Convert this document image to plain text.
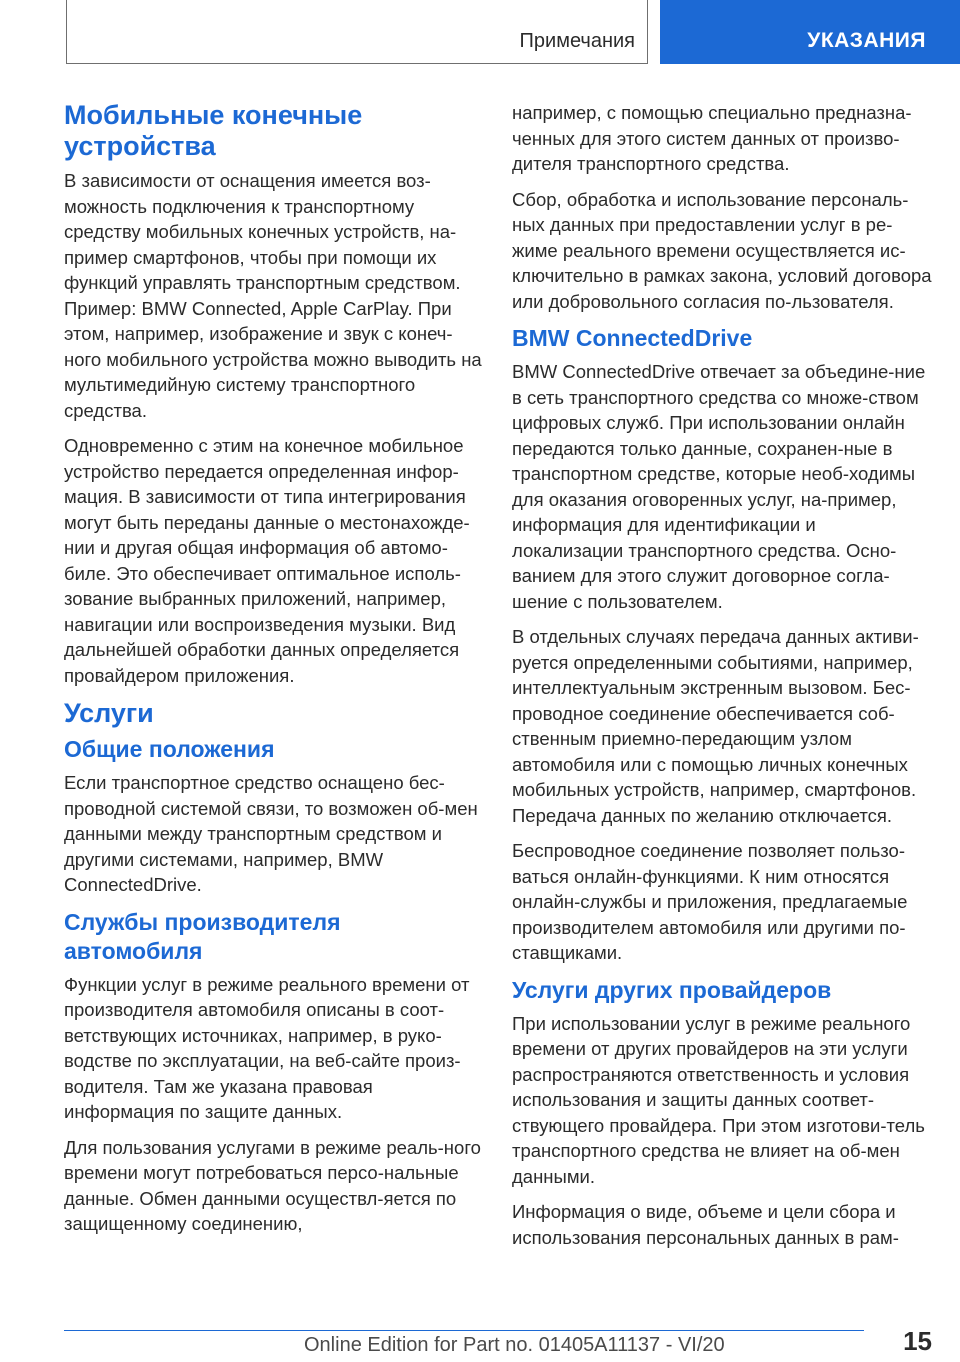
Примечания	УКАЗАНИЯ
Мобильные конечные устройства

В зависимости от оснащения имеется воз-можность подключения к транспортному средству мобильных конечных устройств, на-пример смартфонов, чтобы при помощи их функций управлять транспортным средством. Пример: BMW Connected, Apple CarPlay. При этом, например, изображение и звук с конеч-ного мобильного устройства можно выводить на мультимедийную систему транспортного средства.

Одновременно с этим на конечное мобильное устройство передается определенная инфор-мация. В зависимости от типа интегрирования могут быть переданы данные о местонахожде-нии и другая общая информация об автомо-биле. Это обеспечивает оптимальное исполь-зование выбранных приложений, например, навигации или воспроизведения музыки. Вид дальнейшей обработки данных определяется провайдером приложения.

Услуги
Общие положения

Если транспортное средство оснащено бес-проводной системой связи, то возможен об-мен данными между транспортным средством и другими системами, например, BMW ConnectedDrive.

Службы производителя автомобиля

Функции услуг в режиме реального времени от производителя автомобиля описаны в соот-ветствующих источниках, например, в руко-водстве по эксплуатации, на веб-сайте произ-водителя. Там же указана правовая информация по защите данных.

Для пользования услугами в режиме реаль-ного времени могут потребоваться персо-нальные данные. Обмен данными осуществл-яется по защищенному соединению,

например, с помощью специально предназна-ченных для этого систем данных от произво-дителя транспортного средства.

Сбор, обработка и использование персональ-ных данных при предоставлении услуг в ре-жиме реального времени осуществляется ис-ключительно в рамках закона, условий договора или добровольного согласия по-льзователя.

BMW ConnectedDrive

BMW ConnectedDrive отвечает за объедине-ние в сеть транспортного средства со множе-ством цифровых служб. При использовании онлайн передаются только данные, сохранен-ные в транспортном средстве, которые необ-ходимы для оказания оговоренных услуг, на-пример, информация для идентификации и локализации транспортного средства. Осно-ванием для этого служит договорное согла-шение с пользователем.

В отдельных случаях передача данных активи-руется определенными событиями, например, интеллектуальным экстренным вызовом. Бес-проводное соединение обеспечивается соб-ственным приемно-передающим узлом автомобиля или с помощью личных конечных мобильных устройств, например, смартфонов. Передача данных по желанию отключается.

Беспроводное соединение позволяет пользо-ваться онлайн-функциями. К ним относятся онлайн-службы и приложения, предлагаемые производителем автомобиля или другими по-ставщиками.

Услуги других провайдеров

При использовании услуг в режиме реального времени от других провайдеров на эти услуги распространяются ответственность и условия использования и защиты данных соответ-ствующего провайдера. При этом изготови-тель транспортного средства не влияет на об-мен данными.

Информация о виде, объеме и цели сбора и использования персональных данных в рам-

15
Online Edition for Part no. 01405A11137 - VI/20
